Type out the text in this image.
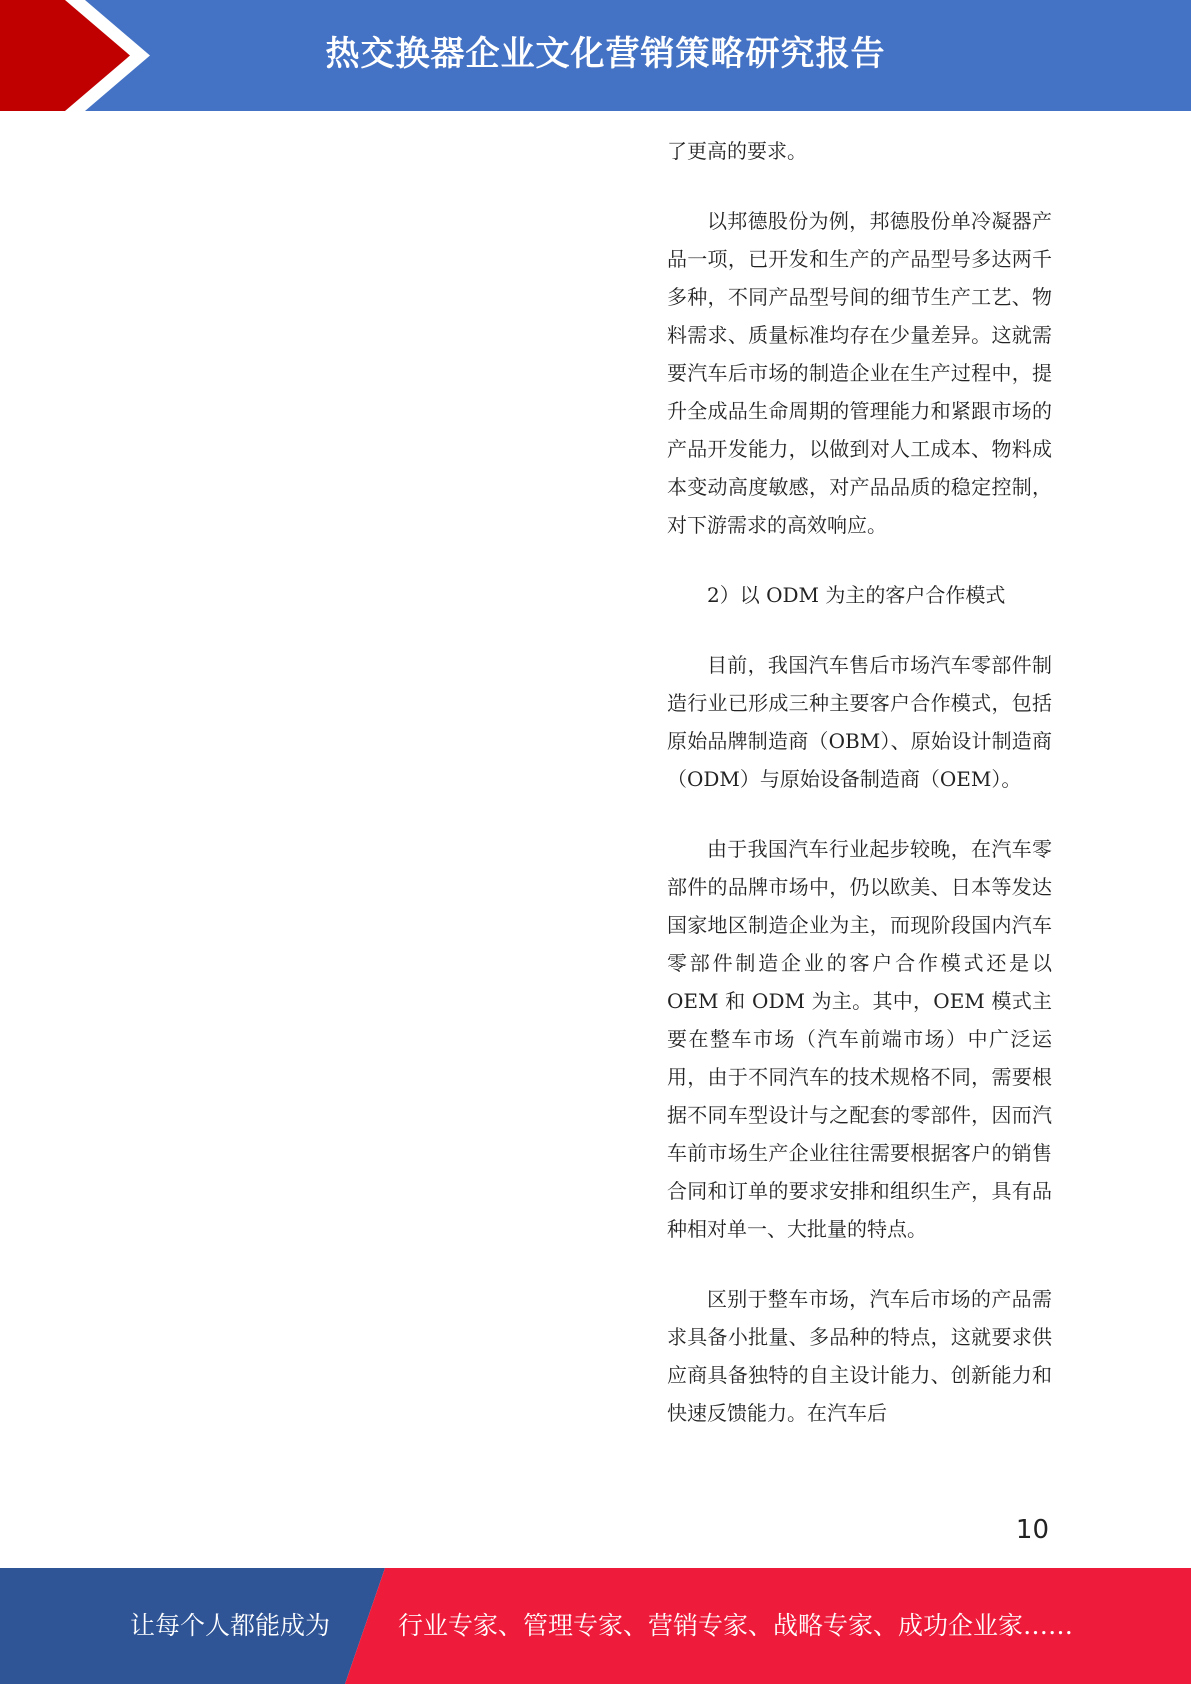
热交换器企业文化营销策略研究报告

了更高的要求。

以邦德股份为例，邦德股份单冷凝器产品一项，已开发和生产的产品型号多达两千多种，不同产品型号间的细节生产工艺、物料需求、质量标准均存在少量差异。这就需要汽车后市场的制造企业在生产过程中，提升全成品生命周期的管理能力和紧跟市场的产品开发能力，以做到对人工成本、物料成本变动高度敏感，对产品品质的稳定控制，对下游需求的高效响应。

2）以 ODM 为主的客户合作模式

目前，我国汽车售后市场汽车零部件制造行业已形成三种主要客户合作模式，包括原始品牌制造商（OBM）、原始设计制造商（ODM）与原始设备制造商（OEM）。

由于我国汽车行业起步较晚，在汽车零部件的品牌市场中，仍以欧美、日本等发达国家地区制造企业为主，而现阶段国内汽车零部件制造企业的客户合作模式还是以 OEM 和 ODM 为主。其中，OEM 模式主要在整车市场（汽车前端市场）中广泛运用，由于不同汽车的技术规格不同，需要根据不同车型设计与之配套的零部件，因而汽车前市场生产企业往往需要根据客户的销售合同和订单的要求安排和组织生产，具有品种相对单一、大批量的特点。

区别于整车市场，汽车后市场的产品需求具备小批量、多品种的特点，这就要求供应商具备独特的自主设计能力、创新能力和快速反馈能力。在汽车后

10
让每个人都能成为	行业专家、管理专家、营销专家、战略专家、成功企业家……
